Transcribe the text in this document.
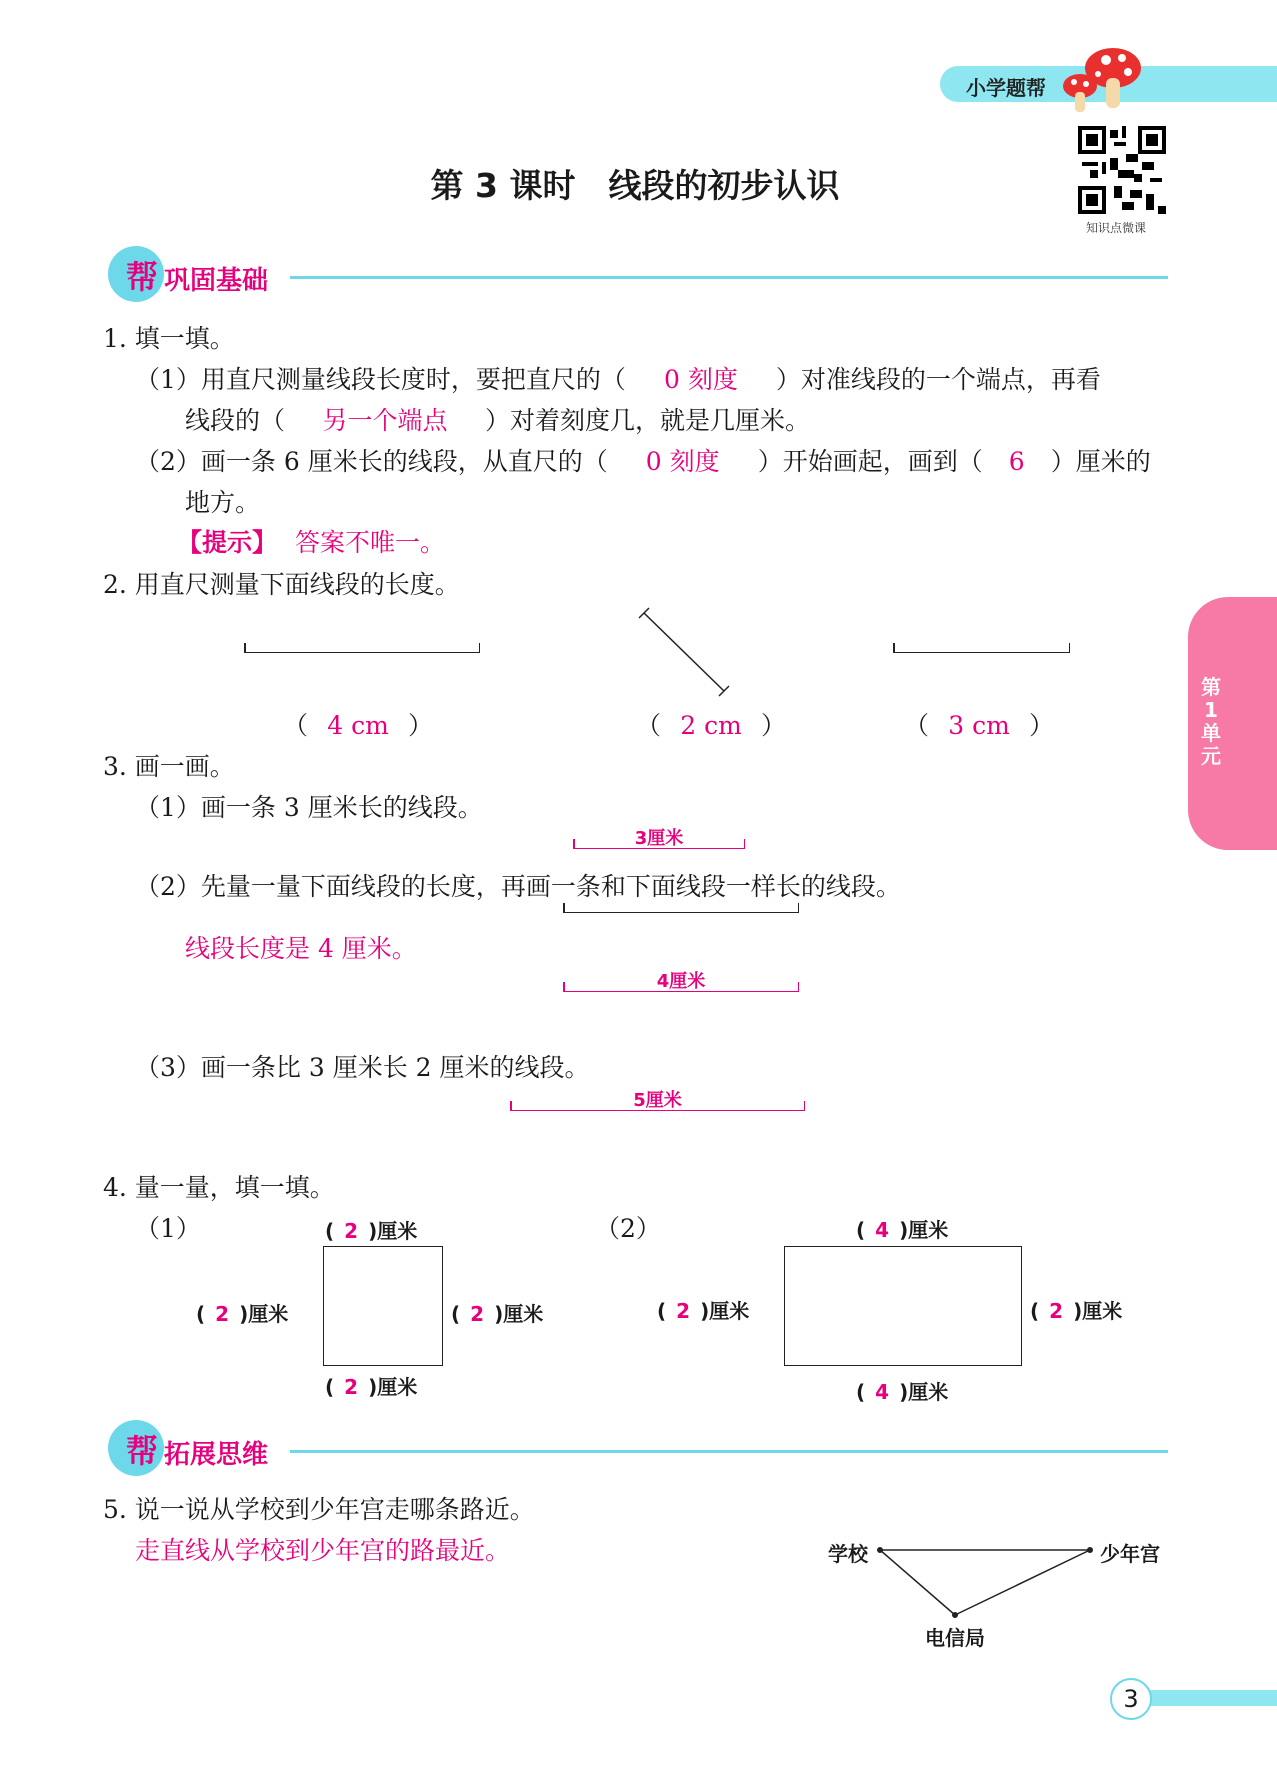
小学题帮
知识点微课
第 3 课时　线段的初步认识
第
1
单
元
帮 巩固基础
1. 填一填。
（1）用直尺测量线段长度时，要把直尺的（ 0 刻度 ）对准线段的一个端点，再看
线段的（ 另一个端点 ）对着刻度几，就是几厘米。
（2）画一条 6 厘米长的线段，从直尺的（ 0 刻度 ）开始画起，画到（ 6 ）厘米的
地方。
【提示】 答案不唯一。
2. 用直尺测量下面线段的长度。
（ 4 cm ）	（ 2 cm ）	（ 3 cm ）
3. 画一画。
（1）画一条 3 厘米长的线段。
3厘米
（2）先量一量下面线段的长度，再画一条和下面线段一样长的线段。
线段长度是 4 厘米。
4厘米
（3）画一条比 3 厘米长 2 厘米的线段。
5厘米
4. 量一量，填一填。
（1）	（2）
( 2 )厘米
( 2 )厘米	( 2 )厘米
( 2 )厘米
( 4 )厘米
( 2 )厘米	( 2 )厘米
( 4 )厘米
帮 拓展思维
5. 说一说从学校到少年宫走哪条路近。
走直线从学校到少年宫的路最近。	学校	少年宫
电信局
3
